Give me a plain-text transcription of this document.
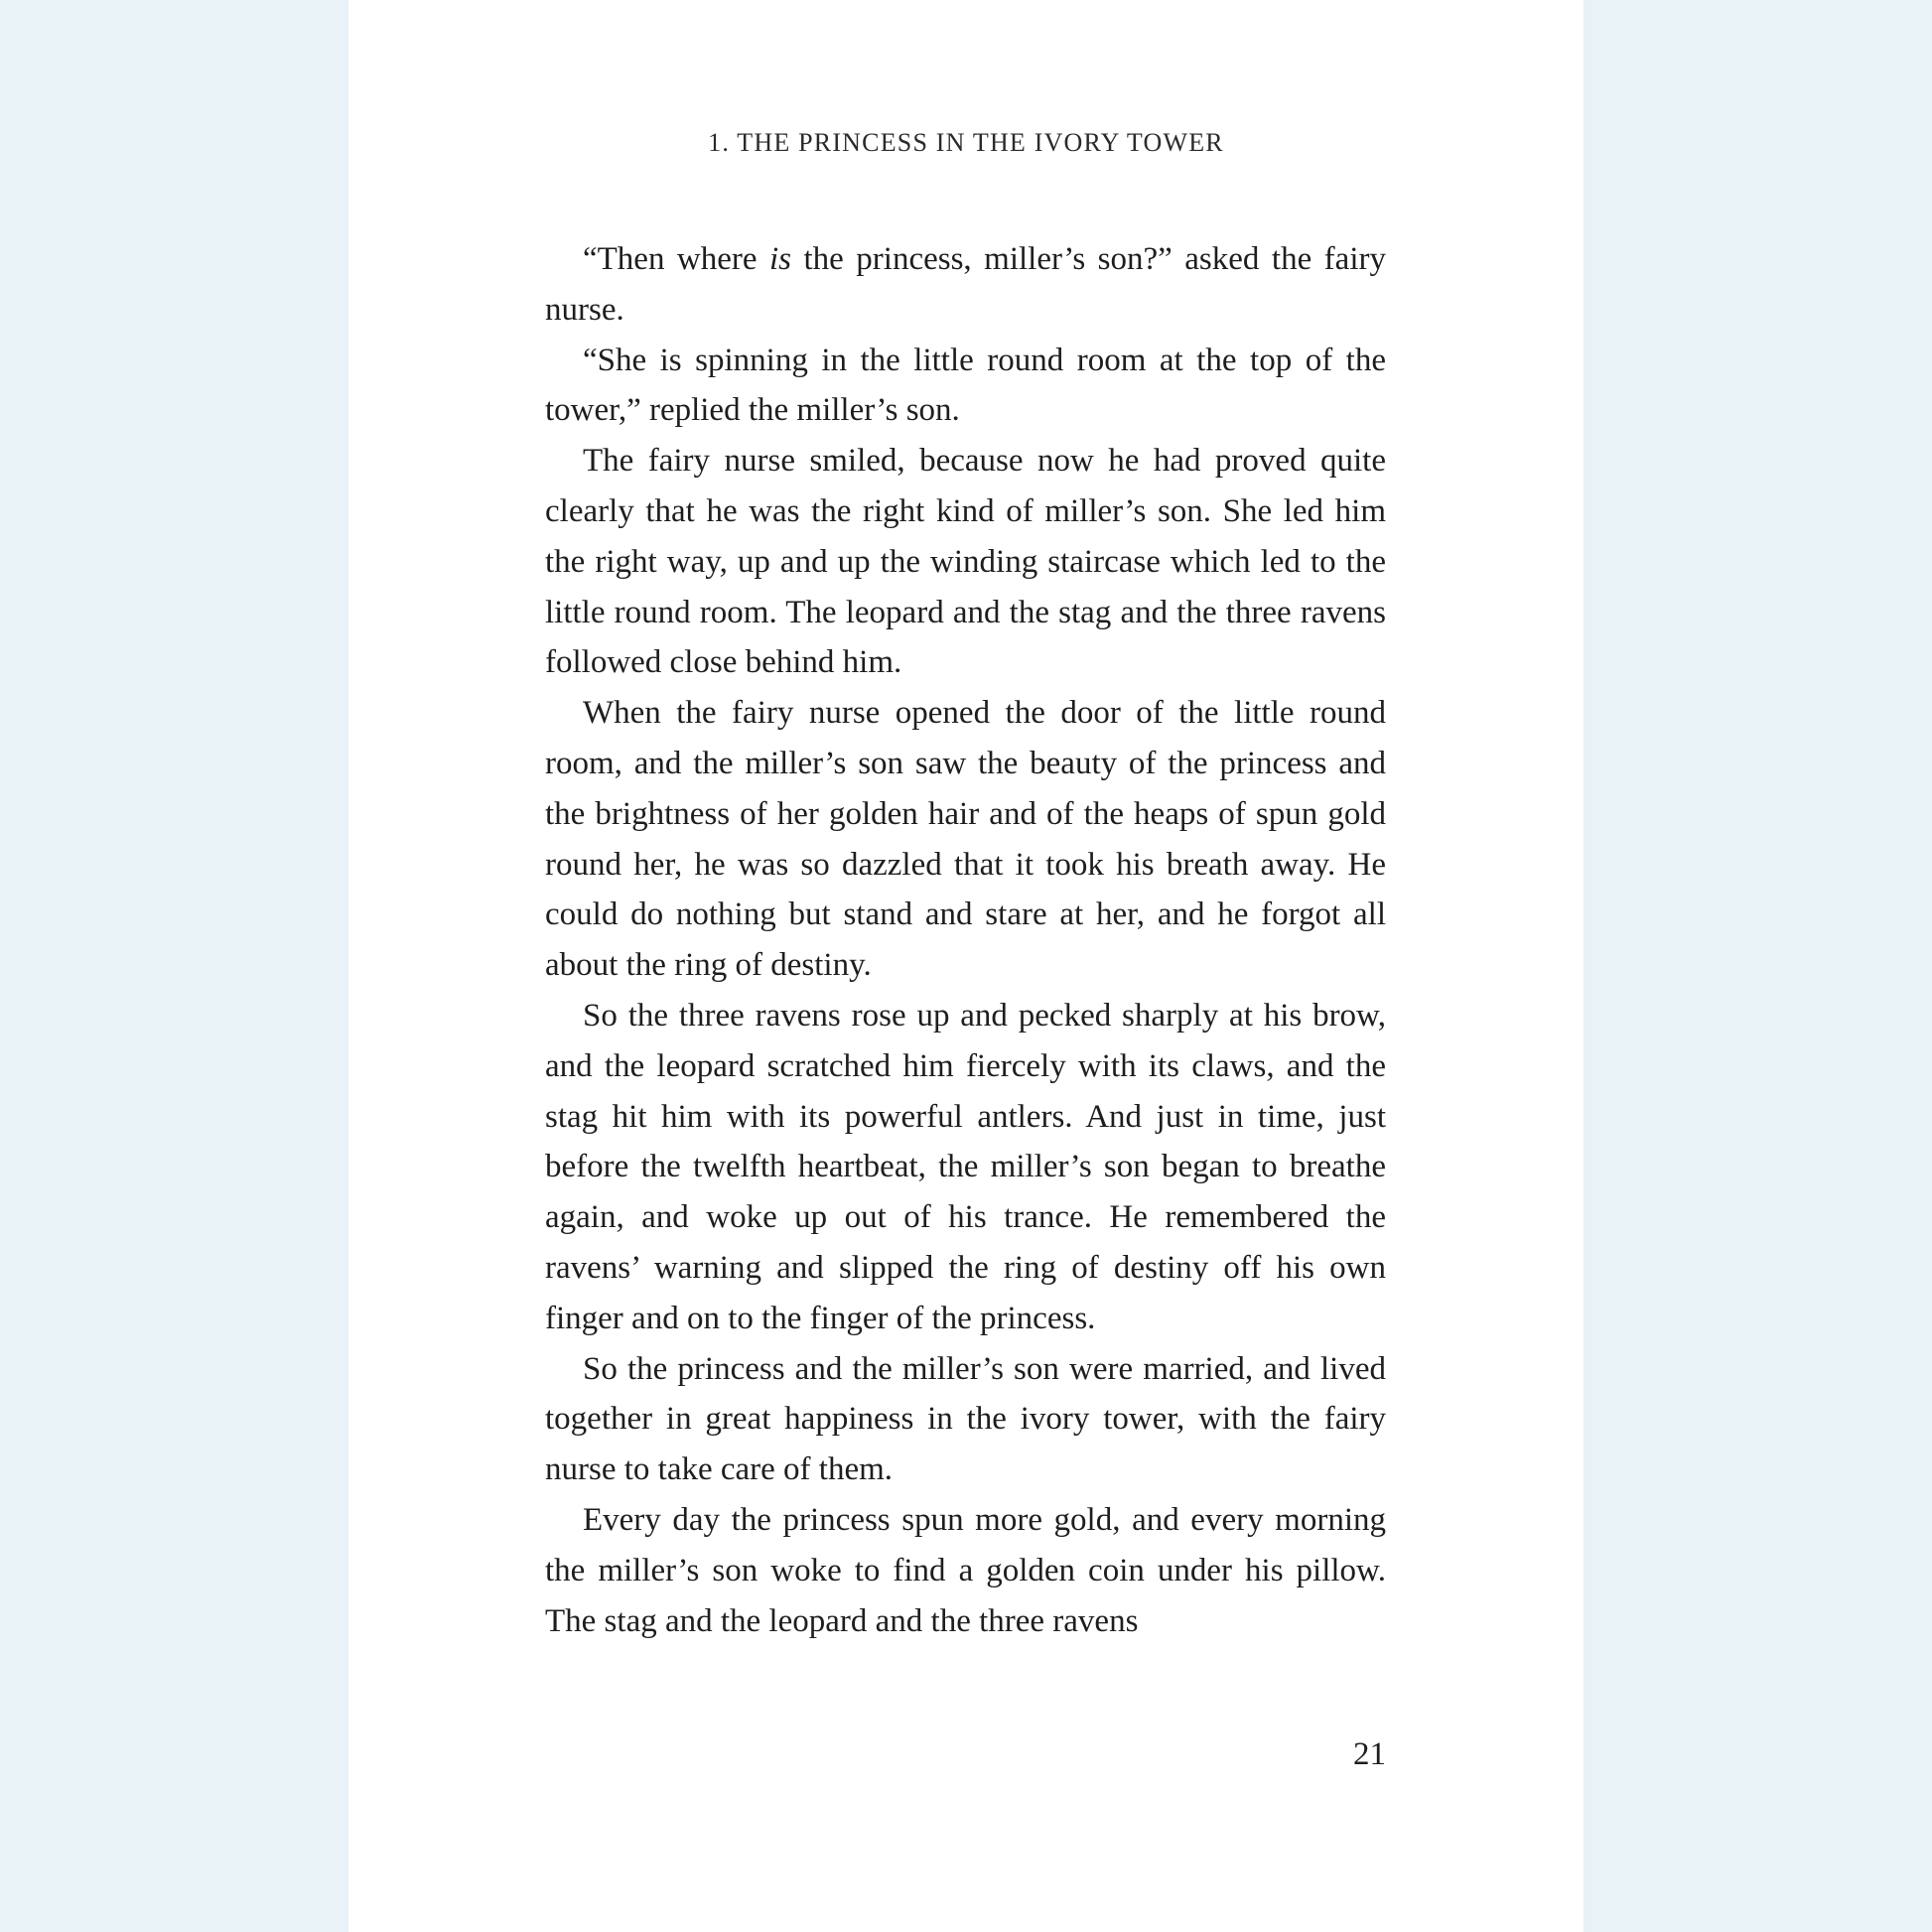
1. THE PRINCESS IN THE IVORY TOWER

“Then where is the princess, miller’s son?” asked the fairy nurse.

“She is spinning in the little round room at the top of the tower,” replied the miller’s son.

The fairy nurse smiled, because now he had proved quite clearly that he was the right kind of miller’s son. She led him the right way, up and up the winding staircase which led to the little round room. The leopard and the stag and the three ravens followed close behind him.

When the fairy nurse opened the door of the little round room, and the miller’s son saw the beauty of the princess and the brightness of her golden hair and of the heaps of spun gold round her, he was so dazzled that it took his breath away. He could do nothing but stand and stare at her, and he forgot all about the ring of destiny.

So the three ravens rose up and pecked sharply at his brow, and the leopard scratched him fiercely with its claws, and the stag hit him with its powerful antlers. And just in time, just before the twelfth heartbeat, the miller’s son began to breathe again, and woke up out of his trance. He remembered the ravens’ warning and slipped the ring of destiny off his own finger and on to the finger of the princess.

So the princess and the miller’s son were married, and lived together in great happiness in the ivory tower, with the fairy nurse to take care of them.

Every day the princess spun more gold, and every morning the miller’s son woke to find a golden coin under his pillow. The stag and the leopard and the three ravens

21
